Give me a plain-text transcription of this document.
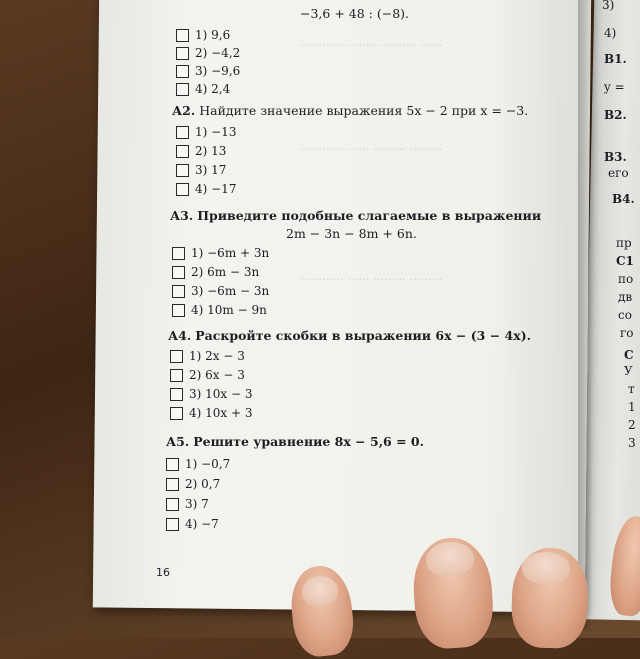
………… ……… ……… ……
………… …… ……… ………
………… …… ……… ………
−3,6 + 48 : (−8).
1) 9,6
2) −4,2
3) −9,6
4) 2,4
А2. Найдите значение выражения 5x − 2 при x = −3.
1) −13
2) 13
3) 17
4) −17
А3. Приведите подобные слагаемые в выражении
2m − 3n − 8m + 6n.
1) −6m + 3n
2) 6m − 3n
3) −6m − 3n
4) 10m − 9n
А4. Раскройте скобки в выражении 6x − (3 − 4x).
1) 2x − 3
2) 6x − 3
3) 10x − 3
4) 10x + 3
А5. Решите уравнение 8x − 5,6 = 0.
1) −0,7
2) 0,7
3) 7
4) −7
16
3)
4)
В1.
y =
В2.
В3.
его
В4.
пр
С1
по
дв
со
го
С
У
т
1
2
3
